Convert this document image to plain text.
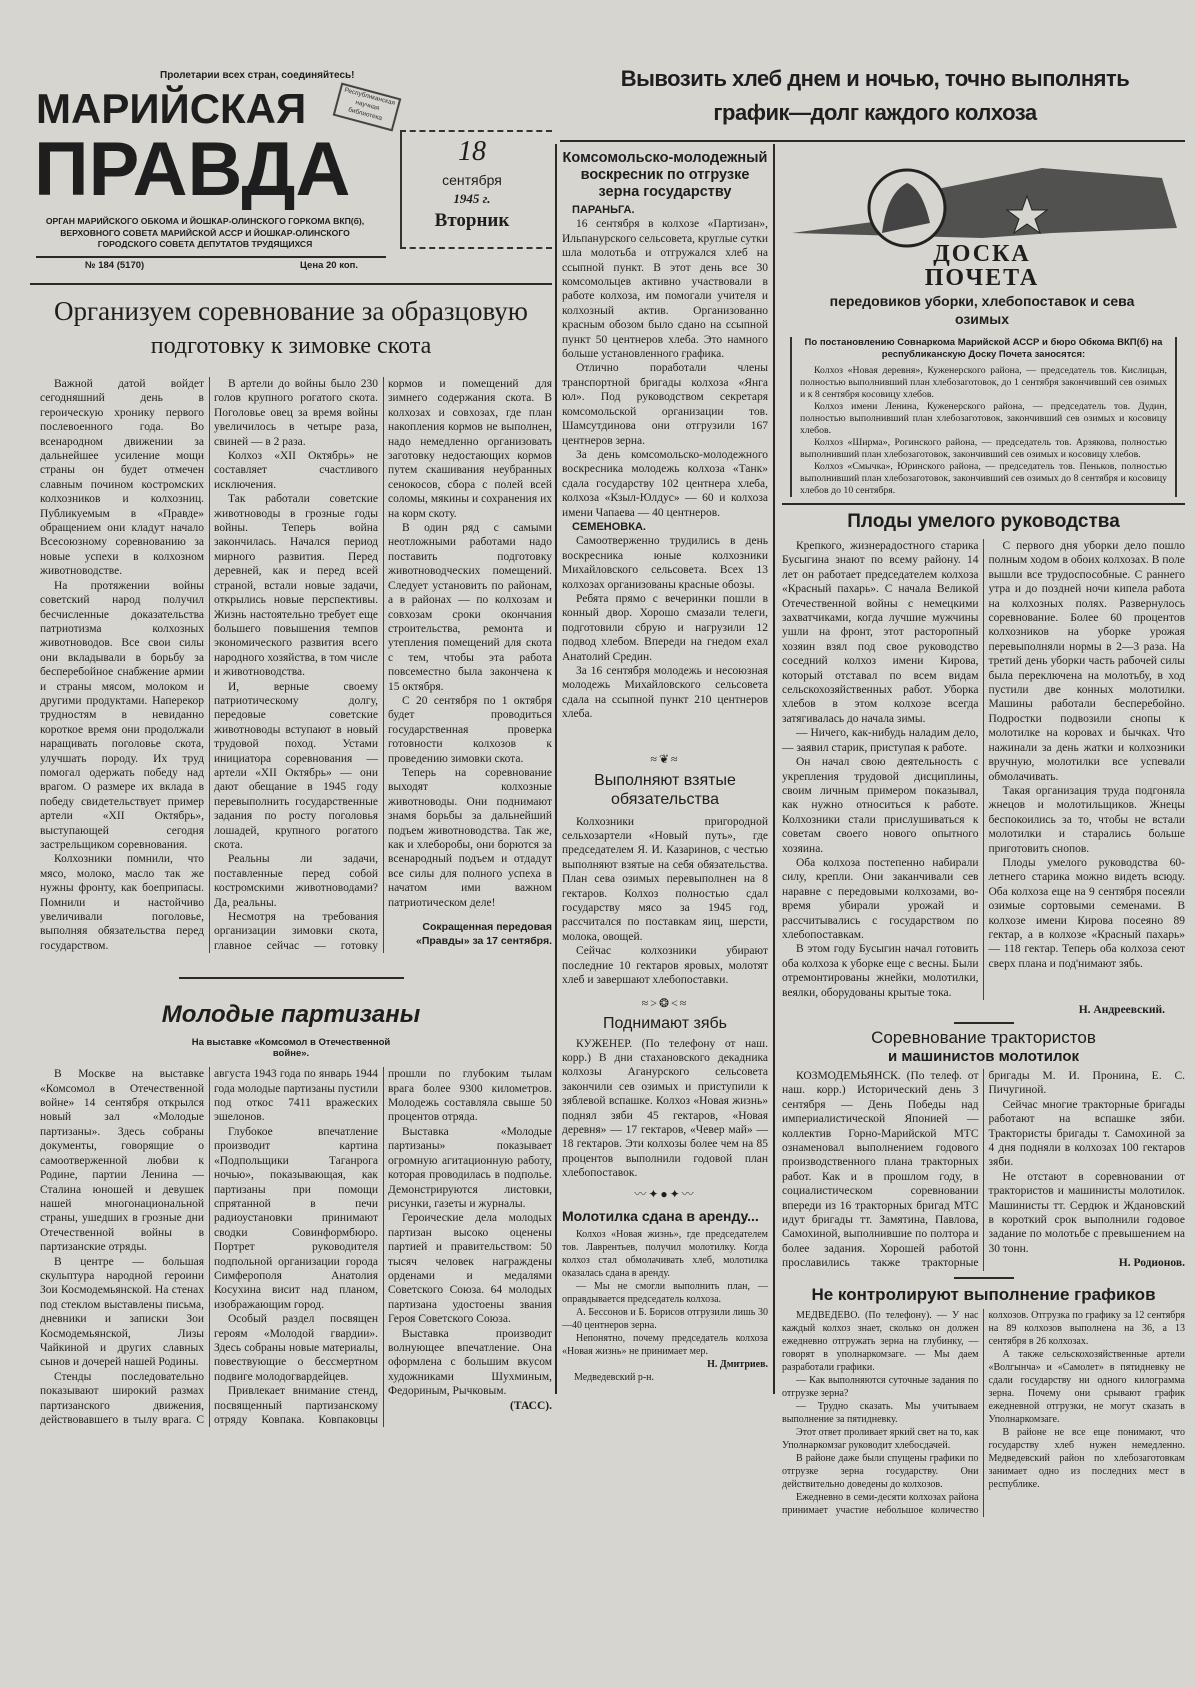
Пролетарии всех стран, соединяйтесь!
МАРИЙСКАЯ
ПРАВДА
ОРГАН МАРИЙСКОГО ОБКОМА И ЙОШКАР-ОЛИНСКОГО ГОРКОМА ВКП(б), ВЕРХОВНОГО СОВЕТА МАРИЙСКОЙ АССР И ЙОШКАР-ОЛИНСКОГО ГОРОДСКОГО СОВЕТА ДЕПУТАТОВ ТРУДЯЩИХСЯ
№ 184 (5170)	Цена 20 коп.
Республиканская научная библиотека
18
сентября
1945 г.
Вторник
Вывозить хлеб днем и ночью, точно выполнять
график—долг каждого колхоза
Организуем соревнование за образцовую
подготовку к зимовке скота

Важной датой войдет сегодняшний день в героическую хронику первого послевоенного года. Во всенародном движении за дальнейшее усиление мощи страны он будет отмечен славным почином костромских колхозников и колхозниц. Публикуемым в «Правде» обращением они кладут начало Всесоюзному соревнованию за новые успехи в колхозном животноводстве.

На протяжении войны советский народ получил бесчисленные доказательства патриотизма колхозных животноводов. Все свои силы они вкладывали в борьбу за бесперебойное снабжение армии и страны мясом, молоком и другими продуктами. Наперекор трудностям в невиданно короткое время они продолжали наращивать поголовье скота, улучшать породу. Их труд помогал одержать победу над врагом. О размере их вклада в победу свидетельствует пример артели «XII Октябрь», выступающей сегодня застрельщиком соревнования.

Колхозники помнили, что мясо, молоко, масло так же нужны фронту, как боеприпасы. Помнили и настойчиво увеличивали поголовье, выполняя обязательства перед государством.

В артели до войны было 230 голов крупного рогатого скота. Поголовье овец за время войны увеличилось в четыре раза, свиней — в 2 раза.

Колхоз «XII Октябрь» не составляет счастливого исключения.

Так работали советские животноводы в грозные годы войны. Теперь война закончилась. Начался период мирного развития. Перед деревней, как и перед всей страной, встали новые задачи, открылись новые перспективы. Жизнь настоятельно требует еще большего повышения темпов экономического развития всего народного хозяйства, в том числе и животноводства.

И, верные своему патриотическому долгу, передовые советские животноводы вступают в новый трудовой поход. Устами инициатора соревнования — артели «XII Октябрь» — они дают обещание в 1945 году перевыполнить государственные задания по росту поголовья лошадей, крупного рогатого скота.

Реальны ли задачи, поставленные перед собой костромскими животноводами? Да, реальны.

Несмотря на требования организации зимовки скота, главное сейчас — готовку кормов и помещений для зимнего содержания скота. В колхозах и совхозах, где план накопления кормов не выполнен, надо немедленно организовать заготовку недостающих кормов путем скашивания неубранных сенокосов, сбора с полей всей соломы, мякины и сохранения их на корм скоту.

В один ряд с самыми неотложными работами надо поставить подготовку животноводческих помещений. Следует установить по районам, а в районах — по колхозам и совхозам сроки окончания строительства, ремонта и утепления помещений для скота с тем, чтобы эта работа повсеместно была закончена к 15 октября.

С 20 сентября по 1 октября будет проводиться государственная проверка готовности колхозов к проведению зимовки скота.

Теперь на соревнование выходят колхозные животноводы. Они поднимают знамя борьбы за дальнейший подъем животноводства. Так же, как и хлеборобы, они борются за всенародный подъем и отдадут все силы для полного успеха в начатом ими важном патриотическом деле!

Сокращенная передовая «Правды» за 17 сентября.
Молодые партизаны
На выставке «Комсомол в Отечественной войне».

В Москве на выставке «Комсомол в Отечественной войне» 14 сентября открылся новый зал «Молодые партизаны». Здесь собраны документы, говорящие о самоотверженной любви к Родине, партии Ленина — Сталина юношей и девушек нашей многонациональной страны, ушедших в грозные дни Отечественной войны в партизанские отряды.

В центре — большая скульптура народной героини Зои Космодемьянской. На стенах под стеклом выставлены письма, дневники и записки Зои Космодемьянской, Лизы Чайкиной и других славных сынов и дочерей нашей Родины.

Стенды последовательно показывают широкий размах партизанского движения, действовавшего в тылу врага. С августа 1943 года по январь 1944 года молодые партизаны пустили под откос 7411 вражеских эшелонов.

Глубокое впечатление производит картина «Подпольщики Таганрога ночью», показывающая, как партизаны при помощи спрятанной в печи радиоустановки принимают сводки Совинформбюро. Портрет руководителя подпольной организации города Симферополя Анатолия Косухина висит над планом, изображающим город.

Особый раздел посвящен героям «Молодой гвардии». Здесь собраны новые материалы, повествующие о бессмертном подвиге молодогвардейцев.

Привлекает внимание стенд, посвященный партизанскому отряду Ковпака. Ковпаковцы прошли по глубоким тылам врага более 9300 километров. Молодежь составляла свыше 50 процентов отряда.

Выставка «Молодые партизаны» показывает огромную агитационную работу, которая проводилась в подполье. Демонстрируются листовки, рисунки, газеты и журналы.

Героические дела молодых партизан высоко оценены партией и правительством: 50 тысяч человек награждены орденами и медалями Советского Союза. 64 молодых партизана удостоены звания Героя Советского Союза.

Выставка производит волнующее впечатление. Она оформлена с большим вкусом художниками Шухминым, Федориным, Рычковым.

(ТАСС).
Комсомольско-молодежный воскресник по отгрузке зерна государству
ПАРАНЬГА.

16 сентября в колхозе «Партизан», Ильпанурского сельсовета, круглые сутки шла молотьба и отгружался хлеб на ссыпной пункт. В этот день все 30 комсомольцев активно участвовали в работе колхоза, им помогали учителя и колхозный актив. Организованно красным обозом было сдано на ссыпной пункт 50 центнеров хлеба. Это намного больше установленного графика.

Отлично поработали члены транспортной бригады колхоза «Янга юл». Под руководством секретаря комсомольской организации тов. Шамсутдинова они отгрузили 167 центнеров зерна.

За день комсомольско-молодежного воскресника молодежь колхоза «Танк» сдала государству 102 центнера хлеба, колхоза «Кзыл-Юлдус» — 60 и колхоза имени Чапаева — 40 центнеров.

СЕМЕНОВКА.

Самоотверженно трудились в день воскресника юные колхозники Михайловского сельсовета. Всех 13 колхозах организованы красные обозы.

Ребята прямо с вечеринки пошли в конный двор. Хорошо смазали телеги, подготовили сбрую и нагрузили 12 подвод хлебом. Впереди на гнедом ехал Анатолий Средин.

За 16 сентября молодежь и несоюзная молодежь Михайловского сельсовета сдала на ссыпной пункт 210 центнеров хлеба.

≈❦≈
Выполняют взятые обязательства

Колхозники пригородной сельхозартели «Новый путь», где председателем Я. И. Казаринов, с честью выполняют взятые на себя обязательства. План сева озимых перевыполнен на 8 гектаров. Колхоз полностью сдал государству мясо за 1945 год, рассчитался по поставкам яиц, шерсти, молока, овощей.

Сейчас колхозники убирают последние 10 гектаров яровых, молотят хлеб и завершают хлебопоставки.

≈>❂<≈
Поднимают зябь

КУЖЕНЕР. (По телефону от наш. корр.) В дни стахановского декадника колхозы Аганурского сельсовета закончили сев озимых и приступили к зяблевой вспашке. Колхоз «Новая жизнь» поднял зяби 45 гектаров, «Новая деревня» — 17 гектаров, «Чевер май» — 18 гектаров. Эти колхозы более чем на 85 процентов выполнили годовой план хлебопоставок.

〰✦●✦〰
Молотилка сдана в аренду...

Колхоз «Новая жизнь», где председателем тов. Лаврентьев, получил молотилку. Когда колхоз стал обмолачивать хлеб, молотилка оказалась сдана в аренду.

— Мы не смогли выполнить план, — оправдывается председатель колхоза.

А. Бессонов и Б. Борисов отгрузили лишь 30—40 центнеров зерна.

Непонятно, почему председатель колхоза «Новая жизнь» не принимает мер.

Н. Дмитриев.
Медведевский р-н.
ДОСКА
ПОЧЕТА
передовиков уборки, хлебопоставок и сева озимых
По постановлению Совнаркома Марийской АССР и бюро Обкома ВКП(б) на республиканскую Доску Почета заносятся:

Колхоз «Новая деревня», Куженерского района, — председатель тов. Кислицын, полностью выполнивший план хлебозаготовок, до 1 сентября закончивший сев озимых и к 8 сентября косовицу хлебов.

Колхоз имени Ленина, Куженерского района, — председатель тов. Дудин, полностью выполнивший план хлебозаготовок, закончивший сев озимых и косовицу хлебов.

Колхоз «Ширма», Рогинского района, — председатель тов. Арзякова, полностью выполнивший план хлебозаготовок, закончивший сев озимых и косовицу хлебов.

Колхоз «Смычка», Юринского района, — председатель тов. Пеньков, полностью выполнивший план хлебозаготовок, закончивший сев озимых до 8 сентября и косовицу хлебов до 10 сентября.

Плоды умелого руководства

Крепкого, жизнерадостного старика Бусыгина знают по всему району. 14 лет он работает председателем колхоза «Красный пахарь». С начала Великой Отечественной войны с немецкими захватчиками, когда лучшие мужчины ушли на фронт, этот расторопный хозяин взял под свое руководство соседний колхоз имени Кирова, который отставал по всем видам сельскохозяйственных работ. Уборка хлебов в этом колхозе всегда затягивалась до начала зимы.

— Ничего, как-нибудь наладим дело, — заявил старик, приступая к работе.

Он начал свою деятельность с укрепления трудовой дисциплины, своим личным примером показывал, как нужно относиться к работе. Колхозники стали прислушиваться к советам своего нового опытного хозяина.

Оба колхоза постепенно набирали силу, крепли. Они заканчивали сев наравне с передовыми колхозами, во-время убирали урожай и рассчитывались с государством по хлебопоставкам.

В этом году Бусыгин начал готовить оба колхоза к уборке еще с весны. Были отремонтированы жнейки, молотилки, веялки, оборудованы крытые тока.

С первого дня уборки дело пошло полным ходом в обоих колхозах. В поле вышли все трудоспособные. С раннего утра и до поздней ночи кипела работа на колхозных полях. Развернулось соревнование. Более 60 процентов колхозников на уборке урожая перевыполняли нормы в 2—3 раза. На третий день уборки часть рабочей силы была переключена на молотьбу, в ход пустили две конных молотилки. Машины работали бесперебойно. Подростки подвозили снопы к молотилке на коровах и бычках. Что нажинали за день жатки и колхозники вручную, молотилки все успевали обмолачивать.

Такая организация труда подгоняла жнецов и молотильщиков. Жнецы беспокоились за то, чтобы не встали молотилки и старались больше приготовить снопов.

Плоды умелого руководства 60-летнего старика можно видеть всюду. Оба колхоза еще на 9 сентября посеяли озимые сортовыми семенами. В колхозе имени Кирова посеяно 89 гектар, а в колхозе «Красный пахарь» — 118 гектар. Теперь оба колхоза сеют сверх плана и под'нимают зябь.

Н. Андреевский.
Соревнование трактористов
и машинистов молотилок

КОЗМОДЕМЬЯНСК. (По телеф. от наш. корр.) Исторический день 3 сентября — День Победы над империалистической Японией — коллектив Горно-Марийской МТС ознаменовал выполнением годового производственного плана тракторных работ. Как и в прошлом году, в социалистическом соревновании впереди из 16 тракторных бригад МТС идут бригады тт. Замятина, Павлова, Самохиной, выполнившие по полтора и более задания. Хорошей работой прославились также тракторные бригады М. И. Пронина, Е. С. Пичугиной.

Сейчас многие тракторные бригады работают на вспашке зяби. Трактористы бригады т. Самохиной за 4 дня подняли в колхозах 100 гектаров зяби.

Не отстают в соревновании от трактористов и машинисты молотилок. Машинисты тт. Сердюк и Ждановский в короткий срок выполнили годовое задание по молотьбе с превышением на 30 тонн.

Н. Родионов.
Не контролируют выполнение графиков

МЕДВЕДЕВО. (По телефону). — У нас каждый колхоз знает, сколько он должен ежедневно отгружать зерна на глубинку, — говорят в уполнаркомзаге. — Мы даем разработали графики.

— Как выполняются суточные задания по отгрузке зерна?

— Трудно сказать. Мы учитываем выполнение за пятидневку.

Этот ответ проливает яркий свет на то, как Уполнаркомзаг руководит хлебосдачей.

В районе даже были спущены графики по отгрузке зерна государству. Они действительно доведены до колхозов.

Ежедневно в семи-десяти колхозах района принимает участие небольшое количество колхозов. Отгрузка по графику за 12 сентября на 89 колхозов выполнена на 36, а 13 сентября в 26 колхозах.

А также сельскохозяйственные артели «Волгынча» и «Самолет» в пятидневку не сдали государству ни одного килограмма зерна. Почему они срывают график ежедневной отгрузки, не могут сказать в Уполнаркомзаге.

В районе не все еще понимают, что государству хлеб нужен немедленно. Медведевский район по хлебозаготовкам занимает одно из последних мест в республике.
